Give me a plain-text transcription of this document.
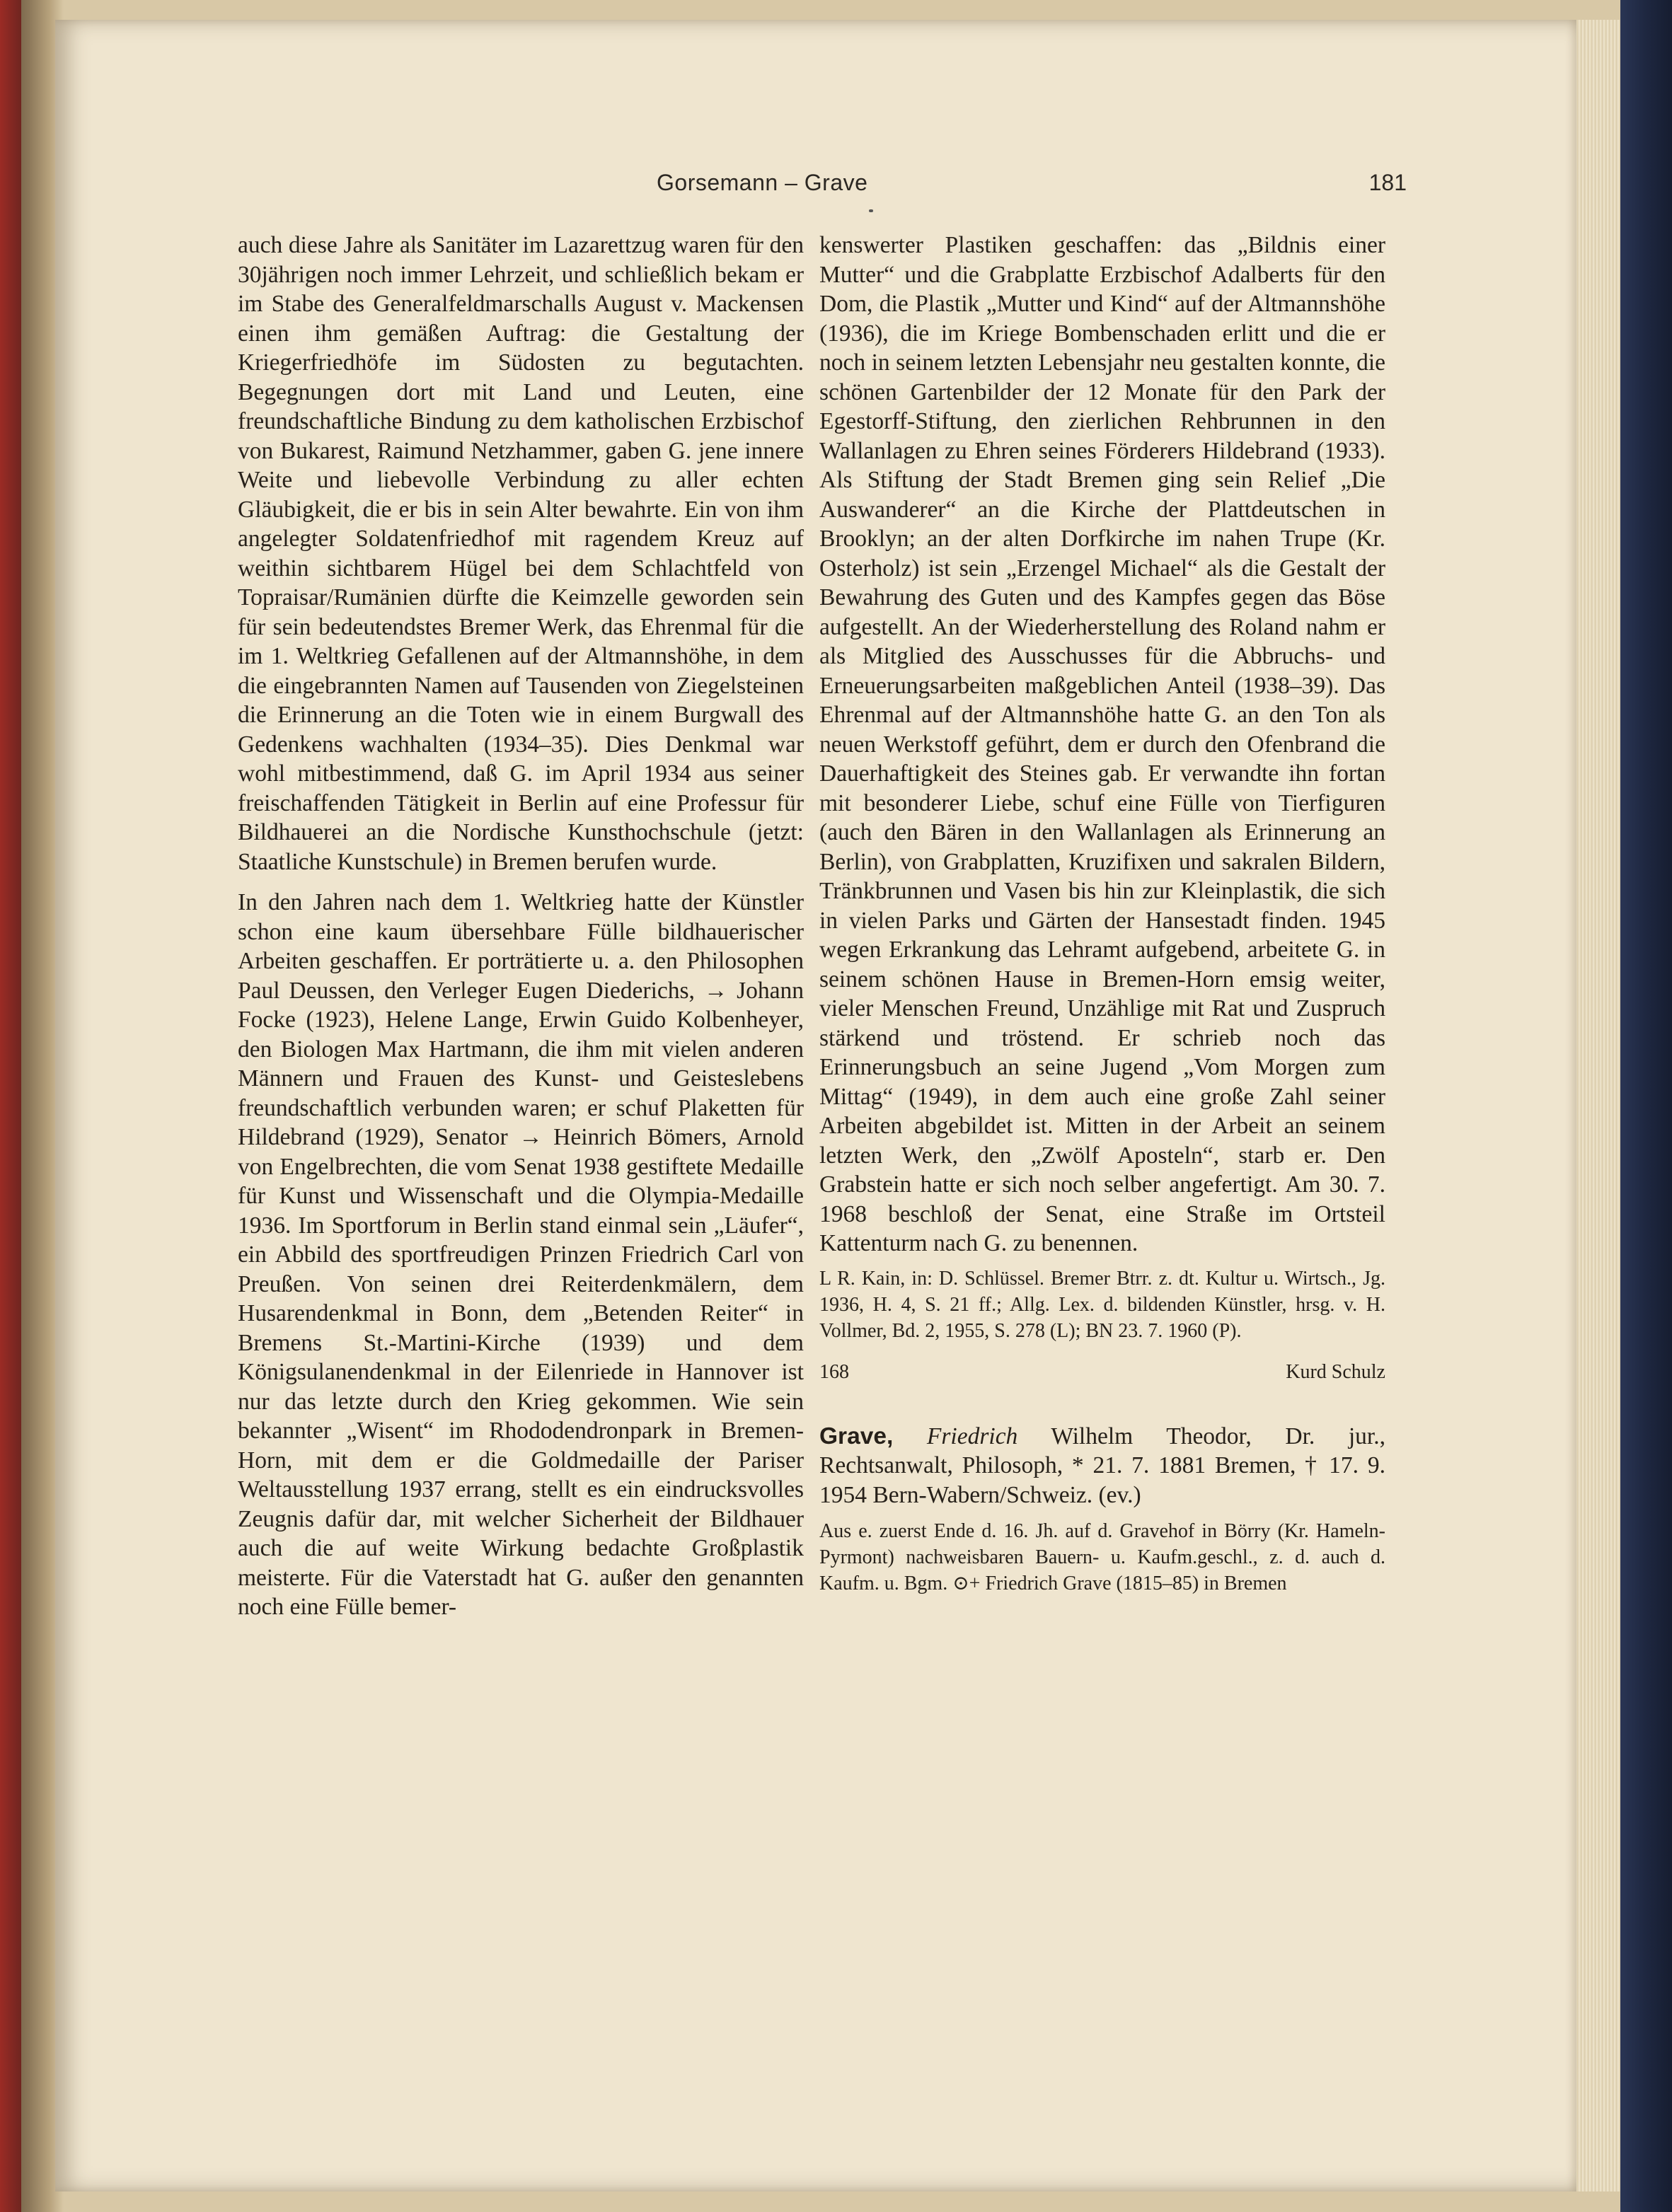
Gorsemann – Grave	181

auch diese Jahre als Sanitäter im Lazarettzug waren für den 30jährigen noch immer Lehrzeit, und schließlich bekam er im Stabe des Generalfeldmarschalls August v. Mackensen einen ihm gemäßen Auftrag: die Gestaltung der Kriegerfriedhöfe im Südosten zu begutachten. Begegnungen dort mit Land und Leuten, eine freundschaftliche Bindung zu dem katholischen Erzbischof von Bukarest, Raimund Netzhammer, gaben G. jene innere Weite und liebevolle Verbindung zu aller echten Gläubigkeit, die er bis in sein Alter bewahrte. Ein von ihm angelegter Soldatenfriedhof mit ragendem Kreuz auf weithin sichtbarem Hügel bei dem Schlachtfeld von Topraisar/Rumänien dürfte die Keimzelle geworden sein für sein bedeutendstes Bremer Werk, das Ehrenmal für die im 1. Weltkrieg Gefallenen auf der Altmannshöhe, in dem die eingebrannten Namen auf Tausenden von Ziegelsteinen die Erinnerung an die Toten wie in einem Burgwall des Gedenkens wachhalten (1934–35). Dies Denkmal war wohl mitbestimmend, daß G. im April 1934 aus seiner freischaffenden Tätigkeit in Berlin auf eine Professur für Bildhauerei an die Nordische Kunsthochschule (jetzt: Staatliche Kunstschule) in Bremen berufen wurde.

In den Jahren nach dem 1. Weltkrieg hatte der Künstler schon eine kaum übersehbare Fülle bildhauerischer Arbeiten geschaffen. Er porträtierte u. a. den Philosophen Paul Deussen, den Verleger Eugen Diederichs, → Johann Focke (1923), Helene Lange, Erwin Guido Kolbenheyer, den Biologen Max Hartmann, die ihm mit vielen anderen Männern und Frauen des Kunst- und Geisteslebens freundschaftlich verbunden waren; er schuf Plaketten für Hildebrand (1929), Senator → Heinrich Bömers, Arnold von Engelbrechten, die vom Senat 1938 gestiftete Medaille für Kunst und Wissenschaft und die Olympia-Medaille 1936. Im Sportforum in Berlin stand einmal sein „Läufer“, ein Abbild des sportfreudigen Prinzen Friedrich Carl von Preußen. Von seinen drei Reiterdenkmälern, dem Husarendenkmal in Bonn, dem „Betenden Reiter“ in Bremens St.-Martini-Kirche (1939) und dem Königsulanendenkmal in der Eilenriede in Hannover ist nur das letzte durch den Krieg gekommen. Wie sein bekannter „Wisent“ im Rhododendronpark in Bremen-Horn, mit dem er die Goldmedaille der Pariser Weltausstellung 1937 errang, stellt es ein eindrucksvolles Zeugnis dafür dar, mit welcher Sicherheit der Bildhauer auch die auf weite Wirkung bedachte Großplastik meisterte. Für die Vaterstadt hat G. außer den genannten noch eine Fülle bemer-

kenswerter Plastiken geschaffen: das „Bildnis einer Mutter“ und die Grabplatte Erzbischof Adalberts für den Dom, die Plastik „Mutter und Kind“ auf der Altmannshöhe (1936), die im Kriege Bombenschaden erlitt und die er noch in seinem letzten Lebensjahr neu gestalten konnte, die schönen Gartenbilder der 12 Monate für den Park der Egestorff-Stiftung, den zierlichen Rehbrunnen in den Wallanlagen zu Ehren seines Förderers Hildebrand (1933). Als Stiftung der Stadt Bremen ging sein Relief „Die Auswanderer“ an die Kirche der Plattdeutschen in Brooklyn; an der alten Dorfkirche im nahen Trupe (Kr. Osterholz) ist sein „Erzengel Michael“ als die Gestalt der Bewahrung des Guten und des Kampfes gegen das Böse aufgestellt. An der Wiederherstellung des Roland nahm er als Mitglied des Ausschusses für die Abbruchs- und Erneuerungsarbeiten maßgeblichen Anteil (1938–39). Das Ehrenmal auf der Altmannshöhe hatte G. an den Ton als neuen Werkstoff geführt, dem er durch den Ofenbrand die Dauerhaftigkeit des Steines gab. Er verwandte ihn fortan mit besonderer Liebe, schuf eine Fülle von Tierfiguren (auch den Bären in den Wallanlagen als Erinnerung an Berlin), von Grabplatten, Kruzifixen und sakralen Bildern, Tränkbrunnen und Vasen bis hin zur Kleinplastik, die sich in vielen Parks und Gärten der Hansestadt finden. 1945 wegen Erkrankung das Lehramt aufgebend, arbeitete G. in seinem schönen Hause in Bremen-Horn emsig weiter, vieler Menschen Freund, Unzählige mit Rat und Zuspruch stärkend und tröstend. Er schrieb noch das Erinnerungsbuch an seine Jugend „Vom Morgen zum Mittag“ (1949), in dem auch eine große Zahl seiner Arbeiten abgebildet ist. Mitten in der Arbeit an seinem letzten Werk, den „Zwölf Aposteln“, starb er. Den Grabstein hatte er sich noch selber angefertigt. Am 30. 7. 1968 beschloß der Senat, eine Straße im Ortsteil Kattenturm nach G. zu benennen.

L R. Kain, in: D. Schlüssel. Bremer Btrr. z. dt. Kultur u. Wirtsch., Jg. 1936, H. 4, S. 21 ff.; Allg. Lex. d. bildenden Künstler, hrsg. v. H. Vollmer, Bd. 2, 1955, S. 278 (L); BN 23. 7. 1960 (P).

168	Kurd Schulz

Grave, Friedrich Wilhelm Theodor, Dr. jur., Rechtsanwalt, Philosoph, * 21. 7. 1881 Bremen, † 17. 9. 1954 Bern-Wabern/Schweiz. (ev.)

Aus e. zuerst Ende d. 16. Jh. auf d. Gravehof in Börry (Kr. Hameln-Pyrmont) nachweisbaren Bauern- u. Kaufm.geschl., z. d. auch d. Kaufm. u. Bgm. ⊙+ Friedrich Grave (1815–85) in Bremen
